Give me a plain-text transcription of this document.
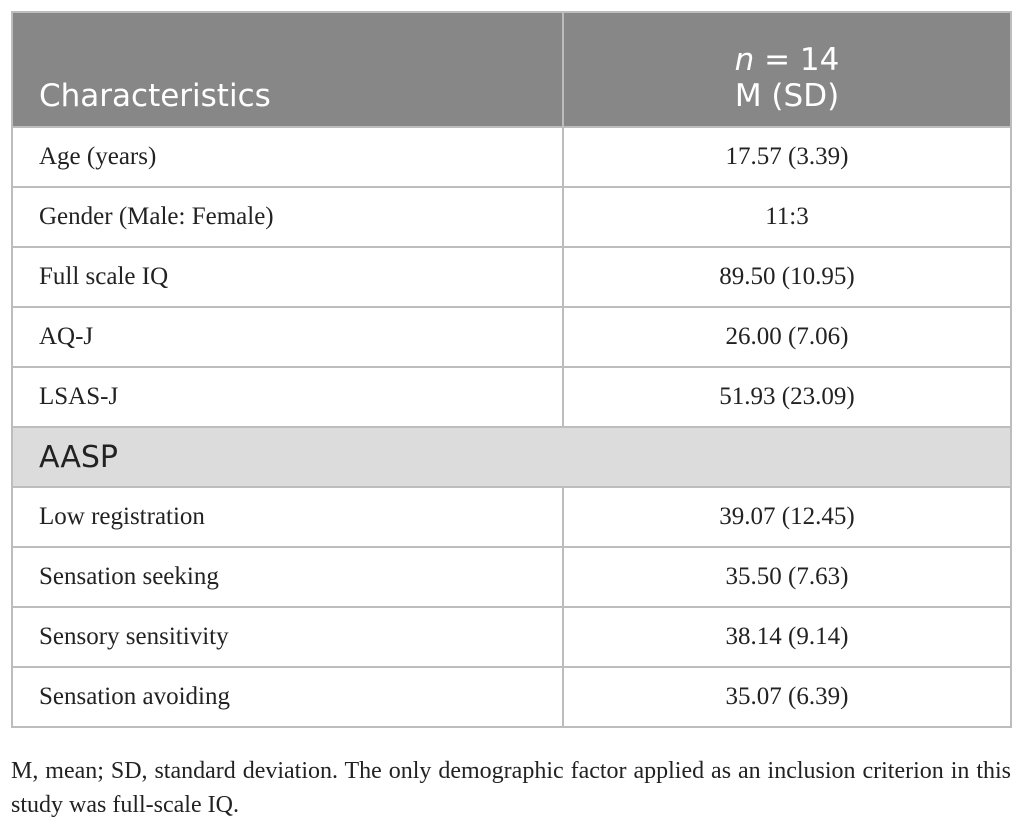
Characteristics	n = 14
M (SD)

Age (years)	17.57 (3.39)
Gender (Male: Female)	11:3
Full scale IQ	89.50 (10.95)
AQ-J	26.00 (7.06)
LSAS-J	51.93 (23.09)
AASP	
Low registration	39.07 (12.45)
Sensation seeking	35.50 (7.63)
Sensory sensitivity	38.14 (9.14)
Sensation avoiding	35.07 (6.39)

M, mean; SD, standard deviation. The only demographic factor applied as an inclusion criterion in this study was full-scale IQ.
